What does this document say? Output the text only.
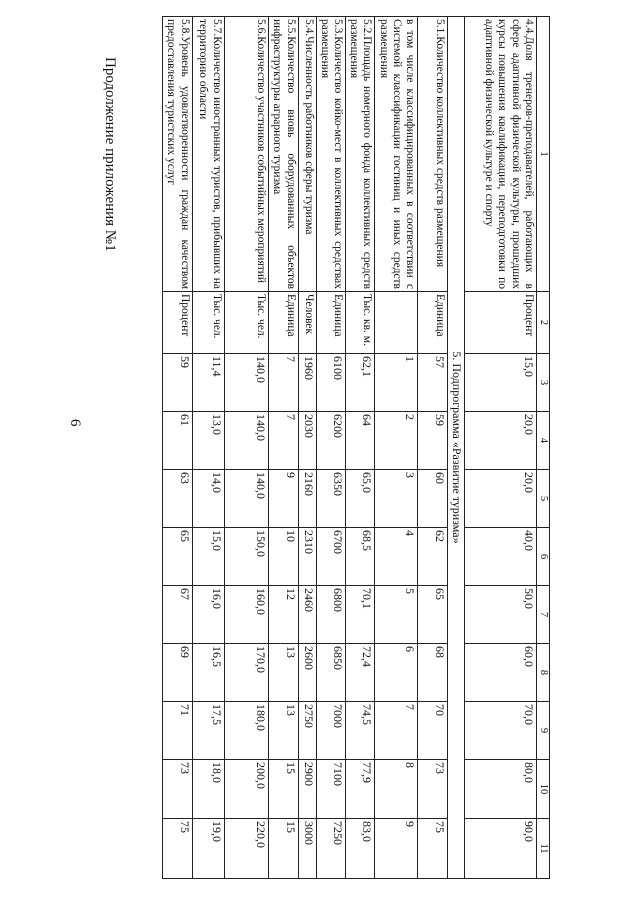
6
Продолжение приложения №1	1	2	3	4	5	6	7	8	9	10	11
4.4.Доля тренеров-преподавателей, работающих в сфере адаптивной физической культуры, прошедших курсы повышения квалификации, переподготовки по адаптивной физической культуре и спорту	Процент	15,0	20,0	20,0	40,0	50,0	60,0	70,0	80,0	90,0
5. Подпрограмма «Развитие туризма»										
5.1.Количество коллективных средств размещения	Единица	57	59	60	62	65	68	70	73	75
в том числе классифицированных в соответствии с Системой классификации гостиниц и иных средств размещения		1	2	3	4	5	6	7	8	9
5.2.Площадь номерного фонда коллективных средств размещения	Тыс. кв. м.	62,1	64	65,0	68,5	70,1	72,4	74,5	77,9	83,0
5.3.Количество койко-мест в коллективных средствах размещения	Единица	6100	6200	6350	6700	6800	6850	7000	7100	7250
5.4.Численность работников сферы туризма	Человек	1960	2030	2160	2310	2460	2600	2750	2900	3000
5.5.Количество вновь оборудованных объектов инфраструктуры аграрного туризма	Единица	7	7	9	10	12	13	13	15	15
5.6.Количество участников событийных мероприятий	Тыс. чел.	140,0	140,0	140,0	150,0	160,0	170,0	180,0	200,0	220,0
5.7.Количество иностранных туристов, прибывших на территорию области	Тыс. чел.	11,4	13,0	14,0	15,0	16,0	16,5	17,5	18,0	19,0
5.8.Уровень удовлетворенности граждан качеством предоставления туристских услуг	Процент	59	61	63	65	67	69	71	73	75
